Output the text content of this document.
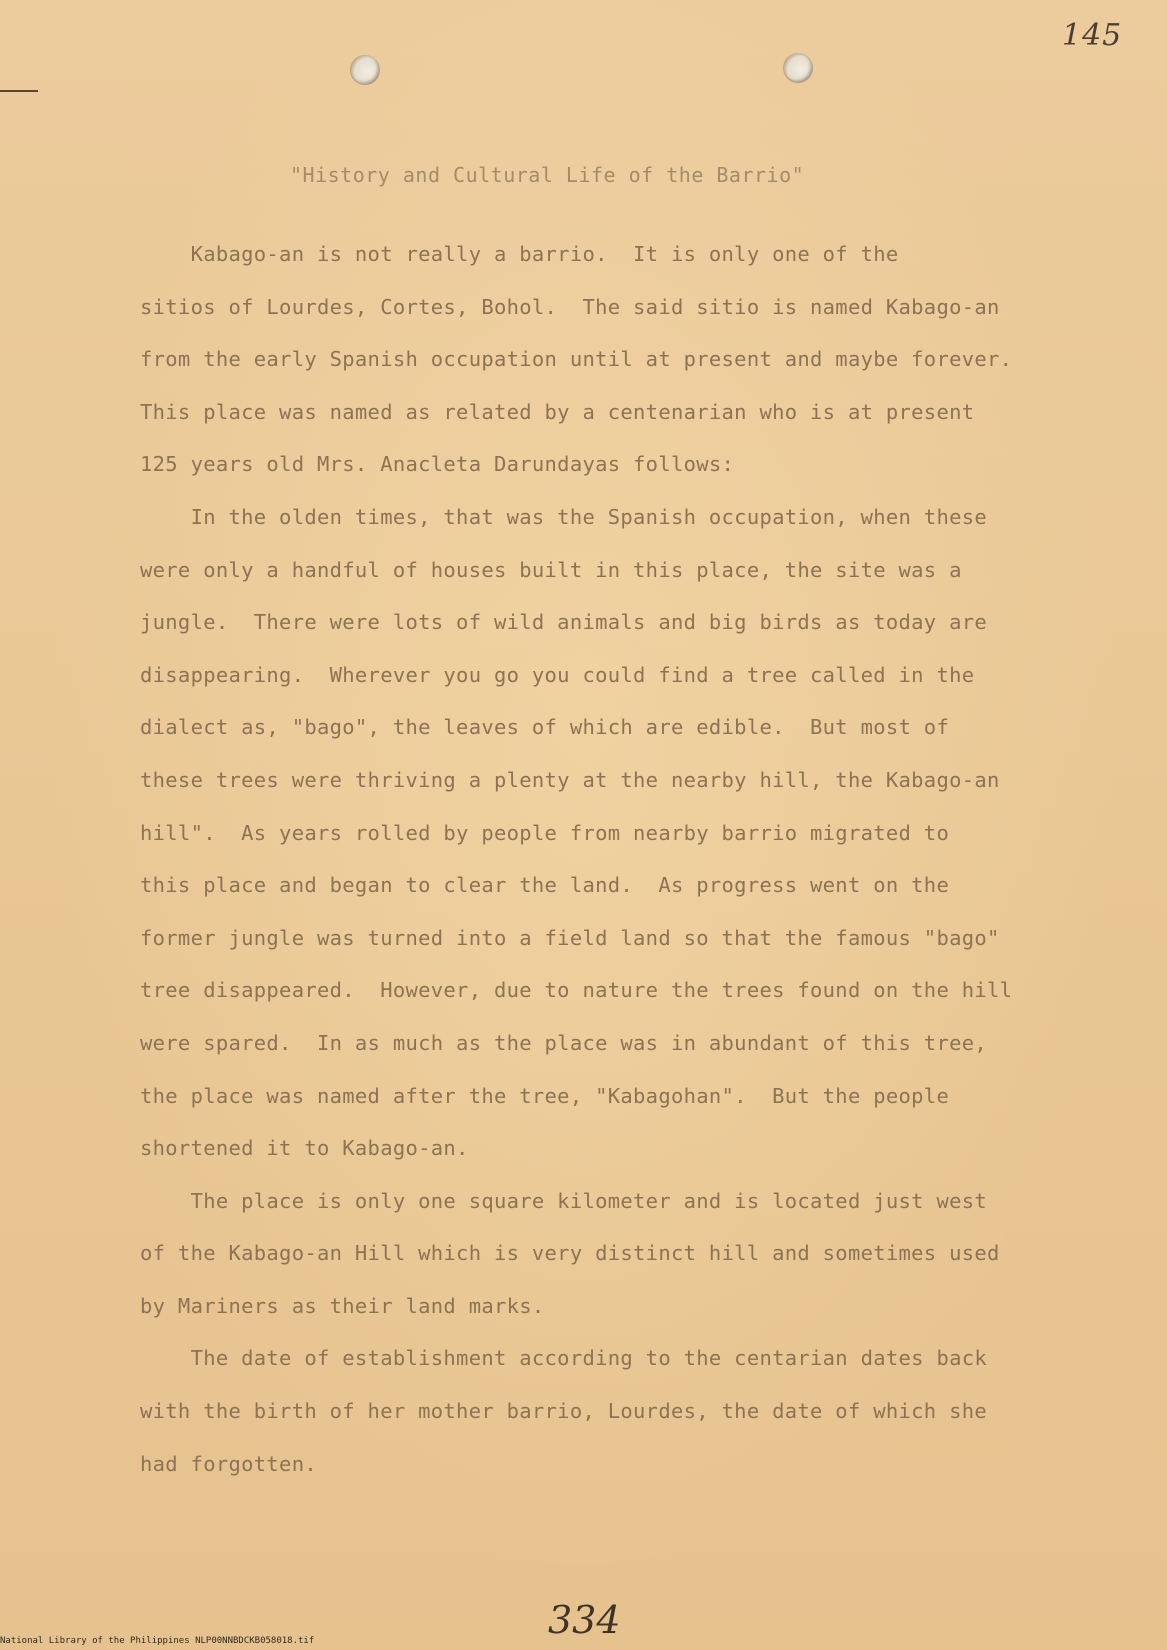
145
"History and Cultural Life of the Barrio"

Kabago-an is not really a barrio.  It is only one of the

sitios of Lourdes, Cortes, Bohol.  The said sitio is named Kabago-an

from the early Spanish occupation until at present and maybe forever.

This place was named as related by a centenarian who is at present

125 years old Mrs. Anacleta Darundayas follows:

In the olden times, that was the Spanish occupation, when these

were only a handful of houses built in this place, the site was a

jungle.  There were lots of wild animals and big birds as today are

disappearing.  Wherever you go you could find a tree called in the

dialect as, "bago", the leaves of which are edible.  But most of

these trees were thriving a plenty at the nearby hill, the Kabago-an

hill".  As years rolled by people from nearby barrio migrated to

this place and began to clear the land.  As progress went on the

former jungle was turned into a field land so that the famous "bago"

tree disappeared.  However, due to nature the trees found on the hill

were spared.  In as much as the place was in abundant of this tree,

the place was named after the tree, "Kabagohan".  But the people

shortened it to Kabago-an.

The place is only one square kilometer and is located just west

of the Kabago-an Hill which is very distinct hill and sometimes used

by Mariners as their land marks.

The date of establishment according to the centarian dates back

with the birth of her mother barrio, Lourdes, the date of which she

had forgotten.

334
National Library of the Philippines NLP00NNBDCKB058018.tif
